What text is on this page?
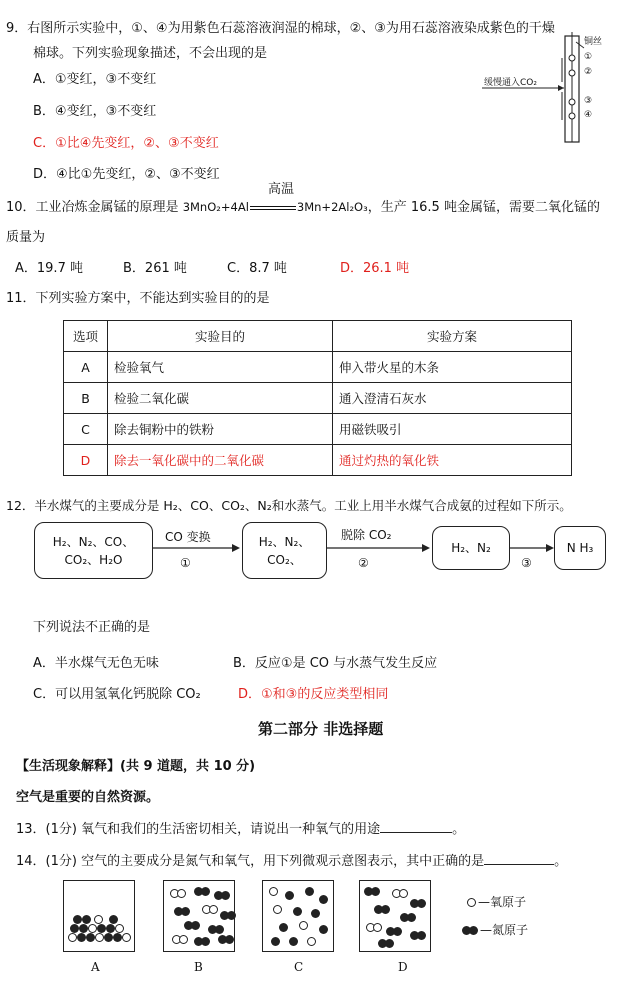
9．右图所示实验中，①、④为用紫色石蕊溶液润湿的棉球，②、③为用石蕊溶液染成紫色的干燥
棉球。下列实验现象描述，不会出现的是
A．①变红，③不变红
B．④变红，③不变红
C．①比④先变红，②、③不变红
D．④比①先变红，②、③不变红
铜丝
缓慢通入CO₂
①
②
③
④
高温
10．工业冶炼金属锰的原理是 3MnO₂+4Al	3Mn+2Al₂O₃，生产 16.5 吨金属锰，需要二氧化锰的
质量为
A．19.7 吨	B．261 吨	C．8.7 吨	D．26.1 吨
11．下列实验方案中，不能达到实验目的的是
选项	实验目的	实验方案
A	检验氧气	伸入带火星的木条
B	检验二氧化碳	通入澄清石灰水
C	除去铜粉中的铁粉	用磁铁吸引
D	除去一氧化碳中的二氧化碳	通过灼热的氧化铁
12．半水煤气的主要成分是 H₂、CO、CO₂、N₂和水蒸气。工业上用半水煤气合成氨的过程如下所示。
H₂、N₂、CO、
CO₂、H₂O
CO 变换
①
H₂、N₂、
CO₂、
脱除 CO₂
②
H₂、N₂
③
N H₃
下列说法不正确的是
A．半水煤气无色无味	B．反应①是 CO 与水蒸气发生反应
C．可以用氢氧化钙脱除 CO₂	D．①和③的反应类型相同
第二部分 非选择题
【生活现象解释】(共 9 道题，共 10 分)
空气是重要的自然资源。
13．(1分) 氧气和我们的生活密切相关，请说出一种氧气的用途	。
14．(1分) 空气的主要成分是氮气和氧气，用下列微观示意图表示，其中正确的是	。
A	B	C	D
—氧原子
—氮原子
